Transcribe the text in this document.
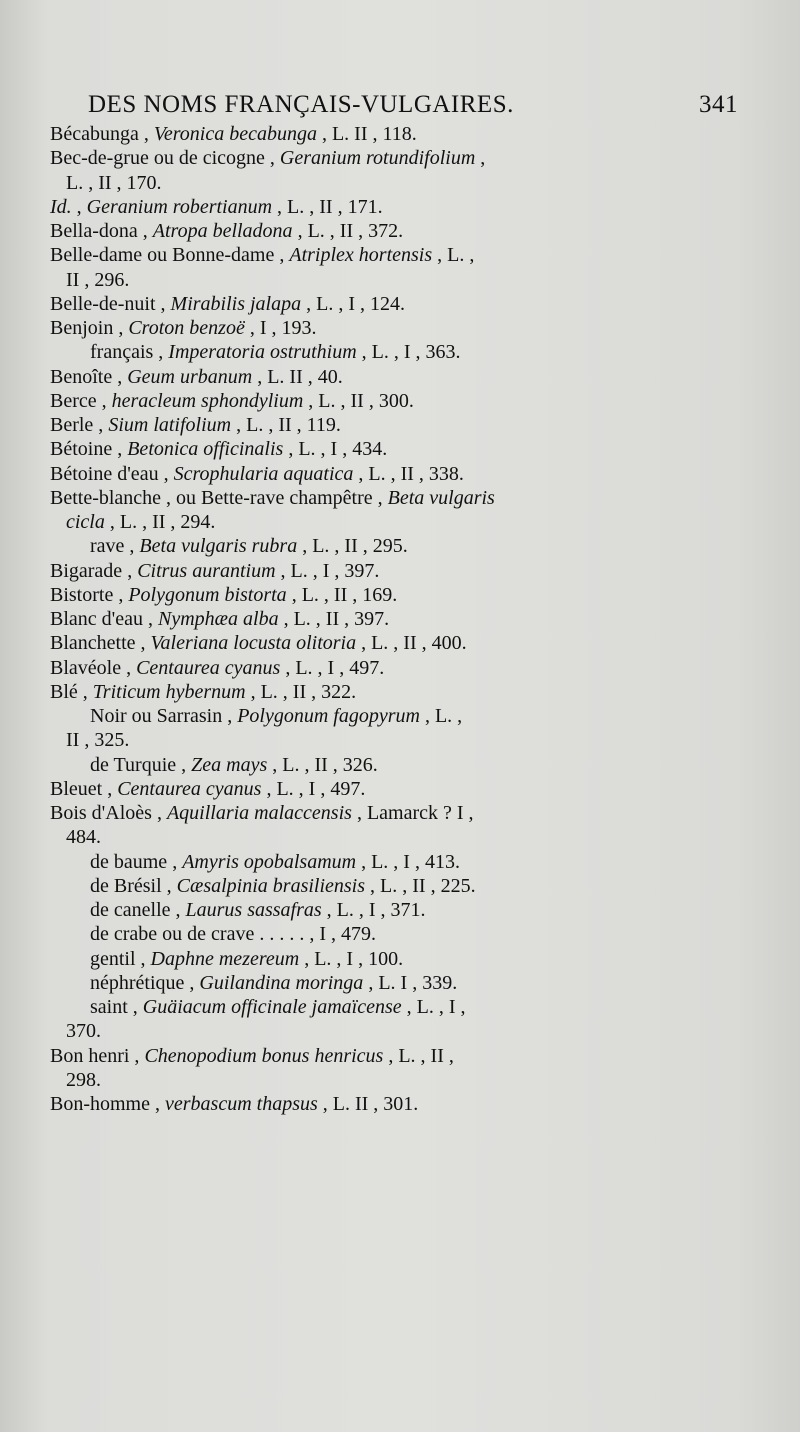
DES NOMS FRANÇAIS-VULGAIRES.	341
Bécabunga , Veronica becabunga , L. II , 118.
Bec-de-grue ou de cicogne , Geranium rotundifolium ,
L. , II , 170.
Id. , Geranium robertianum , L. , II , 171.
Bella-dona , Atropa belladona , L. , II , 372.
Belle-dame ou Bonne-dame , Atriplex hortensis , L. ,
II , 296.
Belle-de-nuit , Mirabilis jalapa , L. , I , 124.
Benjoin , Croton benzoë , I , 193.
français , Imperatoria ostruthium , L. , I , 363.
Benoîte , Geum urbanum , L. II , 40.
Berce , heracleum sphondylium , L. , II , 300.
Berle , Sium latifolium , L. , II , 119.
Bétoine , Betonica officinalis , L. , I , 434.
Bétoine d'eau , Scrophularia aquatica , L. , II , 338.
Bette-blanche , ou Bette-rave champêtre , Beta vulgaris
cicla , L. , II , 294.
rave , Beta vulgaris rubra , L. , II , 295.
Bigarade , Citrus aurantium , L. , I , 397.
Bistorte , Polygonum bistorta , L. , II , 169.
Blanc d'eau , Nymphæa alba , L. , II , 397.
Blanchette , Valeriana locusta olitoria , L. , II , 400.
Blavéole , Centaurea cyanus , L. , I , 497.
Blé , Triticum hybernum , L. , II , 322.
Noir ou Sarrasin , Polygonum fagopyrum , L. ,
II , 325.
de Turquie , Zea mays , L. , II , 326.
Bleuet , Centaurea cyanus , L. , I , 497.
Bois d'Aloès , Aquillaria malaccensis , Lamarck ? I ,
484.
de baume , Amyris opobalsamum , L. , I , 413.
de Brésil , Cæsalpinia brasiliensis , L. , II , 225.
de canelle , Laurus sassafras , L. , I , 371.
de crabe ou de crave . . . . . , I , 479.
gentil , Daphne mezereum , L. , I , 100.
néphrétique , Guilandina moringa , L. I , 339.
saint , Guäiacum officinale jamaïcense , L. , I ,
370.
Bon henri , Chenopodium bonus henricus , L. , II ,
298.
Bon-homme , verbascum thapsus , L. II , 301.
